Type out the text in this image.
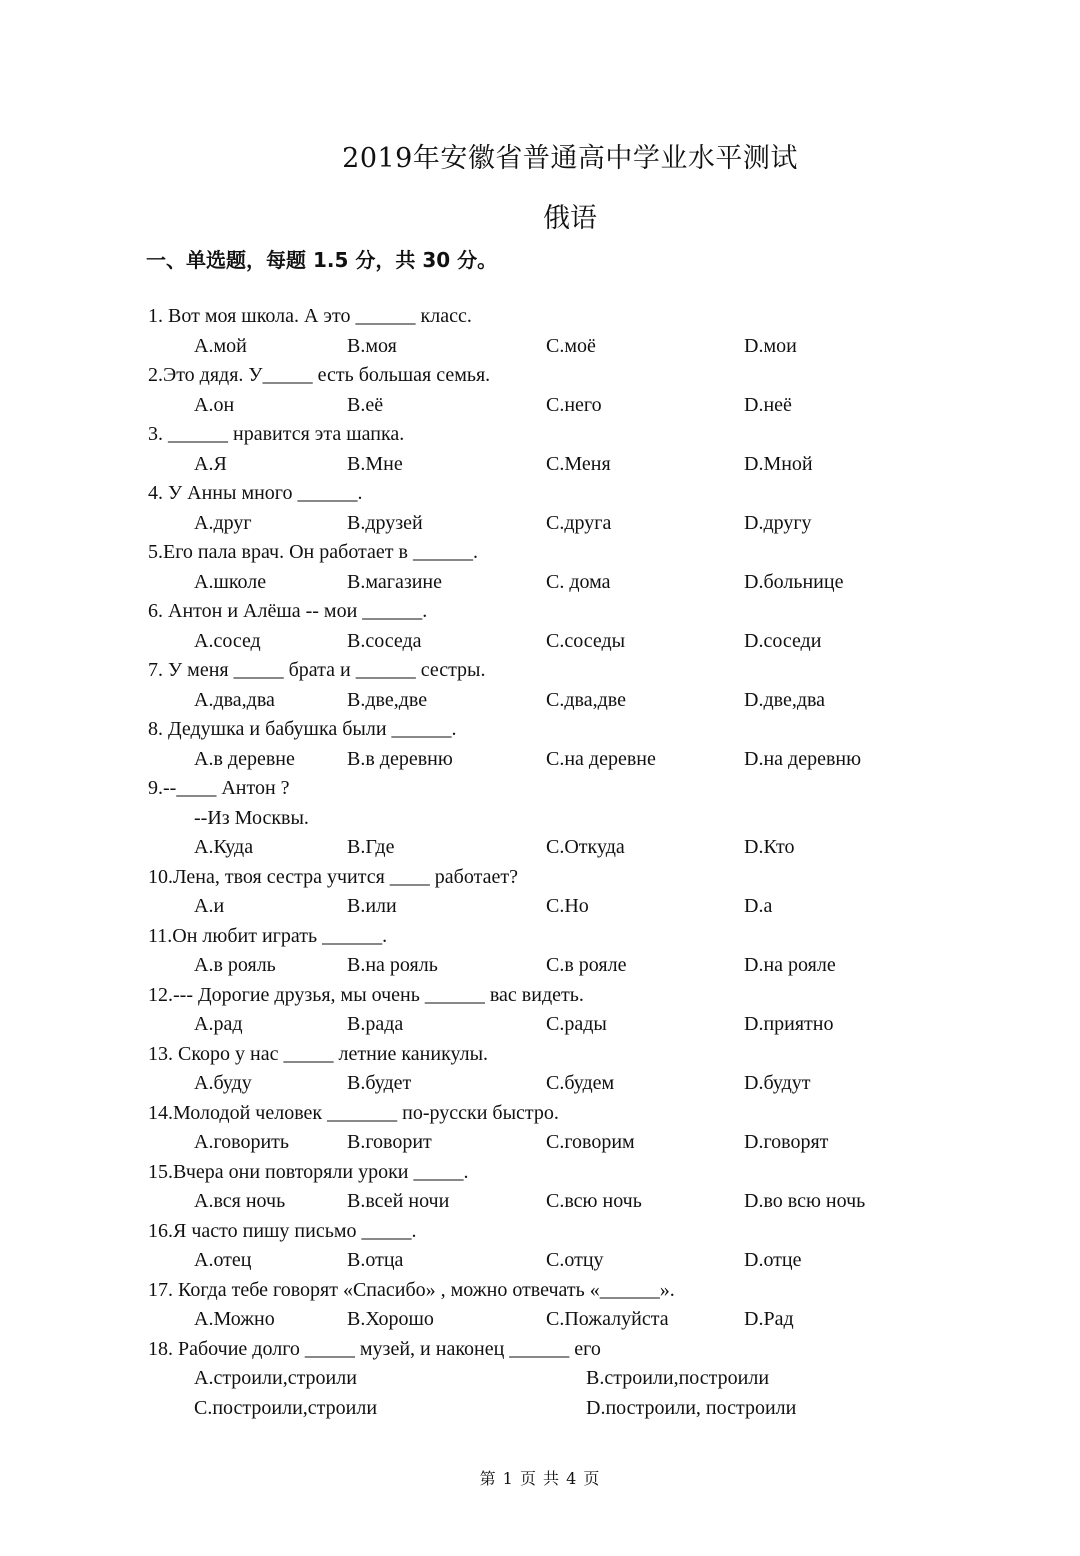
2019年安徽省普通高中学业水平测试
俄语
一、单选题，每题 1.5 分，共 30 分。
1. Вот моя школа. А это ______ класс.
A.мой	B.моя	C.моё	D.мои
2.Это дядя. У_____ есть большая семья.
A.он	B.её	C.него	D.неё
3. ______ нравится эта шапка.
A.Я	B.Мне	C.Меня	D.Мной
4. У Анны много ______.
A.друг	B.друзей	C.друга	D.другу
5.Его пала врач. Он работает в ______.
A.школе	B.магазине	C. дома	D.больнице
6. Антон и Алёша -- мои ______.
A.сосед	B.соседа	C.соседы	D.соседи
7. У меня _____ брата и ______ сестры.
A.два,два	B.две,две	C.два,две	D.две,два
8. Дедушка и бабушка были ______.
A.в деревне	B.в деревню	C.на деревне	D.на деревню
9.--____ Антон ?
--Из Москвы.
A.Куда	B.Где	C.Откуда	D.Кто
10.Лена, твоя сестра учится ____ работает?
A.и	B.или	C.Но	D.а
11.Он любит играть ______.
A.в рояль	B.на рояль	C.в рояле	D.на рояле
12.--- Дорогие друзья, мы очень ______ вас видеть.
A.рад	B.рада	C.рады	D.приятно
13. Скоро у нас _____ летние каникулы.
A.буду	B.будет	C.будем	D.будут
14.Молодой человек _______ по-русски быстро.
A.говорить	B.говорит	C.говорим	D.говорят
15.Вчера они повторяли уроки _____.
A.вся ночь	B.всей ночи	C.всю ночь	D.во всю ночь
16.Я часто пишу письмо _____.
A.отец	B.отца	C.отцу	D.отце
17. Когда тебе говорят «Спасибо» , можно отвечать «______».
A.Можно	B.Хорошо	C.Пожалуйста	D.Рад
18. Рабочие долго _____ музей, и наконец ______ его
A.строили,строили	B.строили,построили
C.построили,строили	D.построили, построили
第 1 页 共 4 页
